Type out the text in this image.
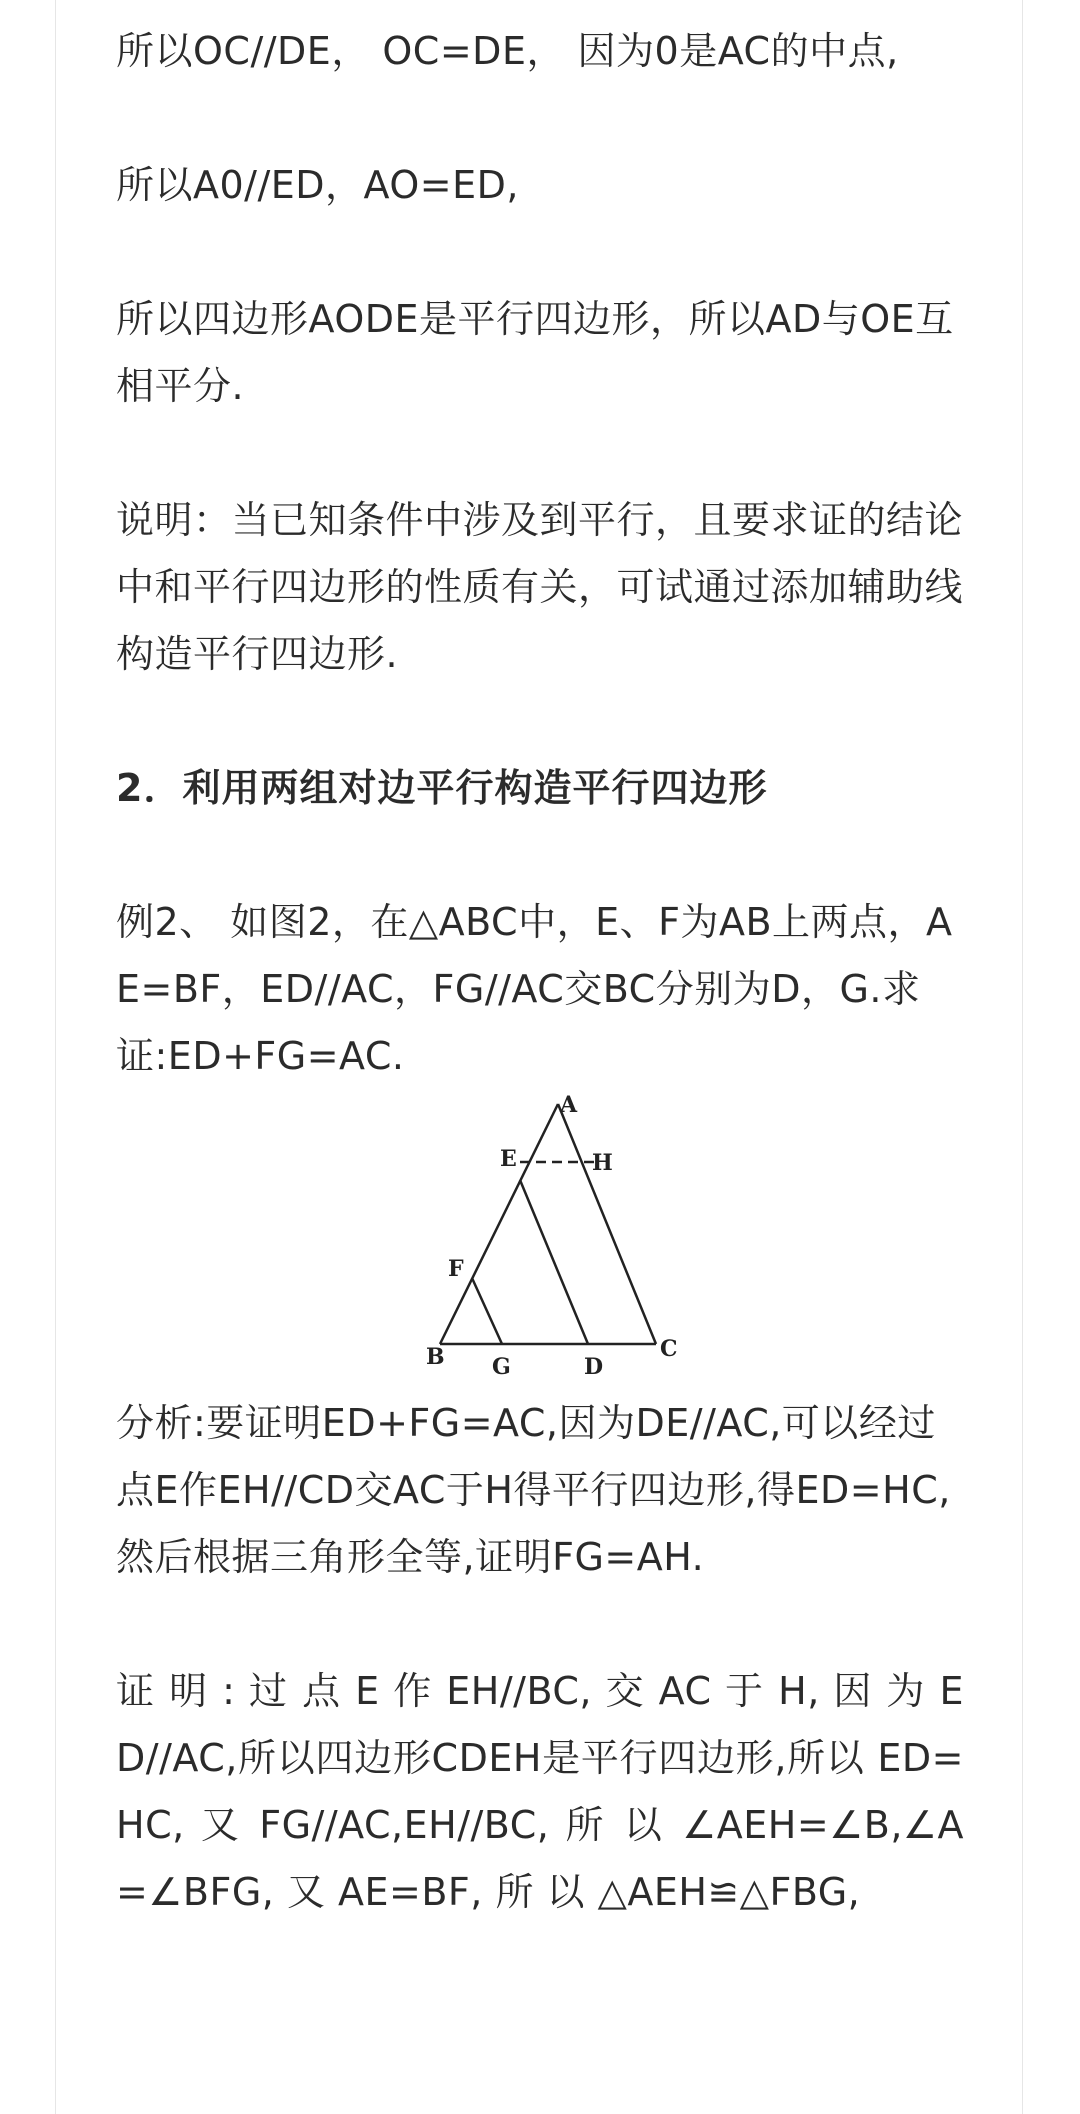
所以OC//DE， OC=DE， 因为0是AC的中点,

所以A0//ED，AO=ED,

所以四边形AODE是平行四边形，所以AD与OE互相平分.

说明：当已知条件中涉及到平行，且要求证的结论中和平行四边形的性质有关，可试通过添加辅助线构造平行四边形.

2．利用两组对边平行构造平行四边形

例2、 如图2，在△ABC中，E、F为AB上两点，AE=BF，ED//AC，FG//AC交BC分别为D，G.求证:ED+FG=AC.

A
E	H
F
B G	D
C

分析:要证明ED+FG=AC,因为DE//AC,可以经过点E作EH//CD交AC于H得平行四边形,得ED=HC,然后根据三角形全等,证明FG=AH.

证 明 : 过 点 E 作 EH//BC, 交 AC 于 H, 因 为 ED//AC,所以四边形CDEH是平行四边形,所以 ED=HC, 又 FG//AC,EH//BC, 所 以 ∠AEH=∠B,∠A=∠BFG, 又 AE=BF, 所 以 △AEH≌△FBG,
